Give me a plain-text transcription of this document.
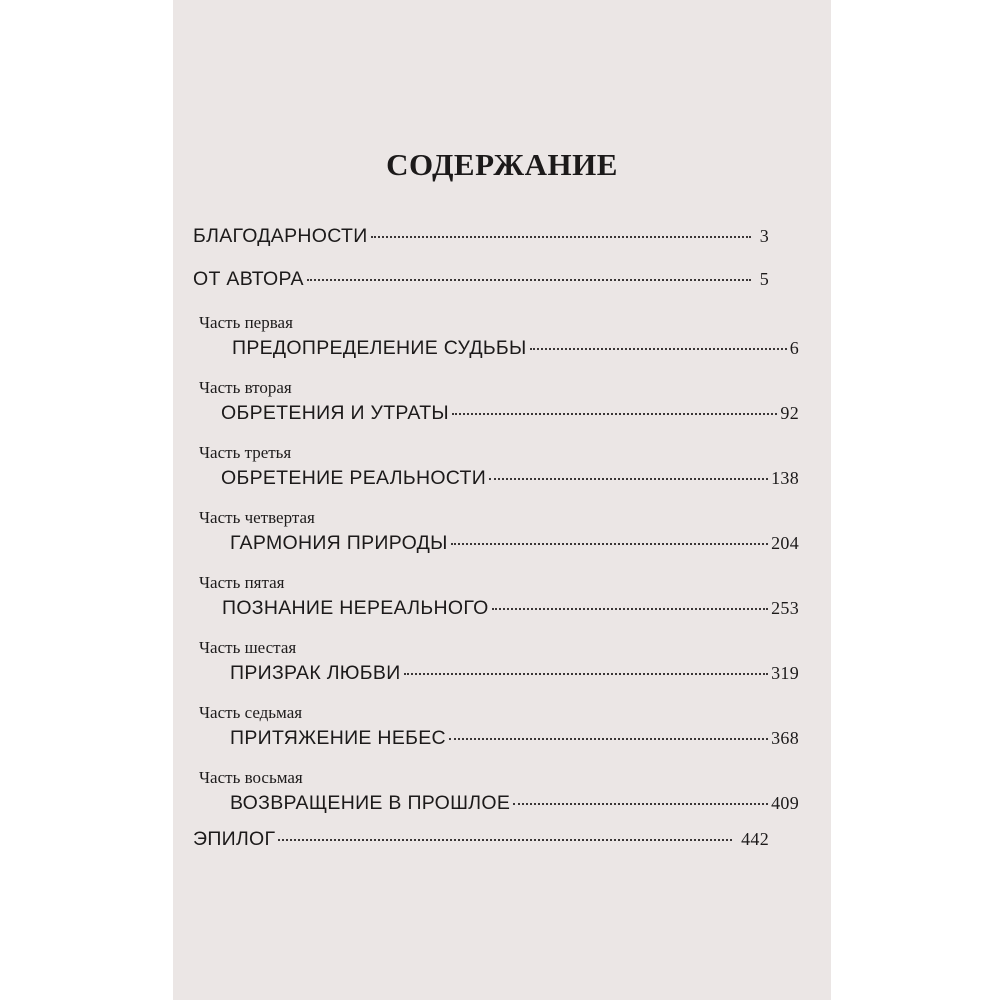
СОДЕРЖАНИЕ
БЛАГОДАРНОСТИ	3
ОТ АВТОРА	5
Часть первая
ПРЕДОПРЕДЕЛЕНИЕ СУДЬБЫ	6
Часть вторая
ОБРЕТЕНИЯ И УТРАТЫ	92
Часть третья
ОБРЕТЕНИЕ РЕАЛЬНОСТИ	138
Часть четвертая
ГАРМОНИЯ ПРИРОДЫ	204
Часть пятая
ПОЗНАНИЕ НЕРЕАЛЬНОГО	253
Часть шестая
ПРИЗРАК ЛЮБВИ	319
Часть седьмая
ПРИТЯЖЕНИЕ НЕБЕС	368
Часть восьмая
ВОЗВРАЩЕНИЕ В ПРОШЛОЕ	409
ЭПИЛОГ	442
